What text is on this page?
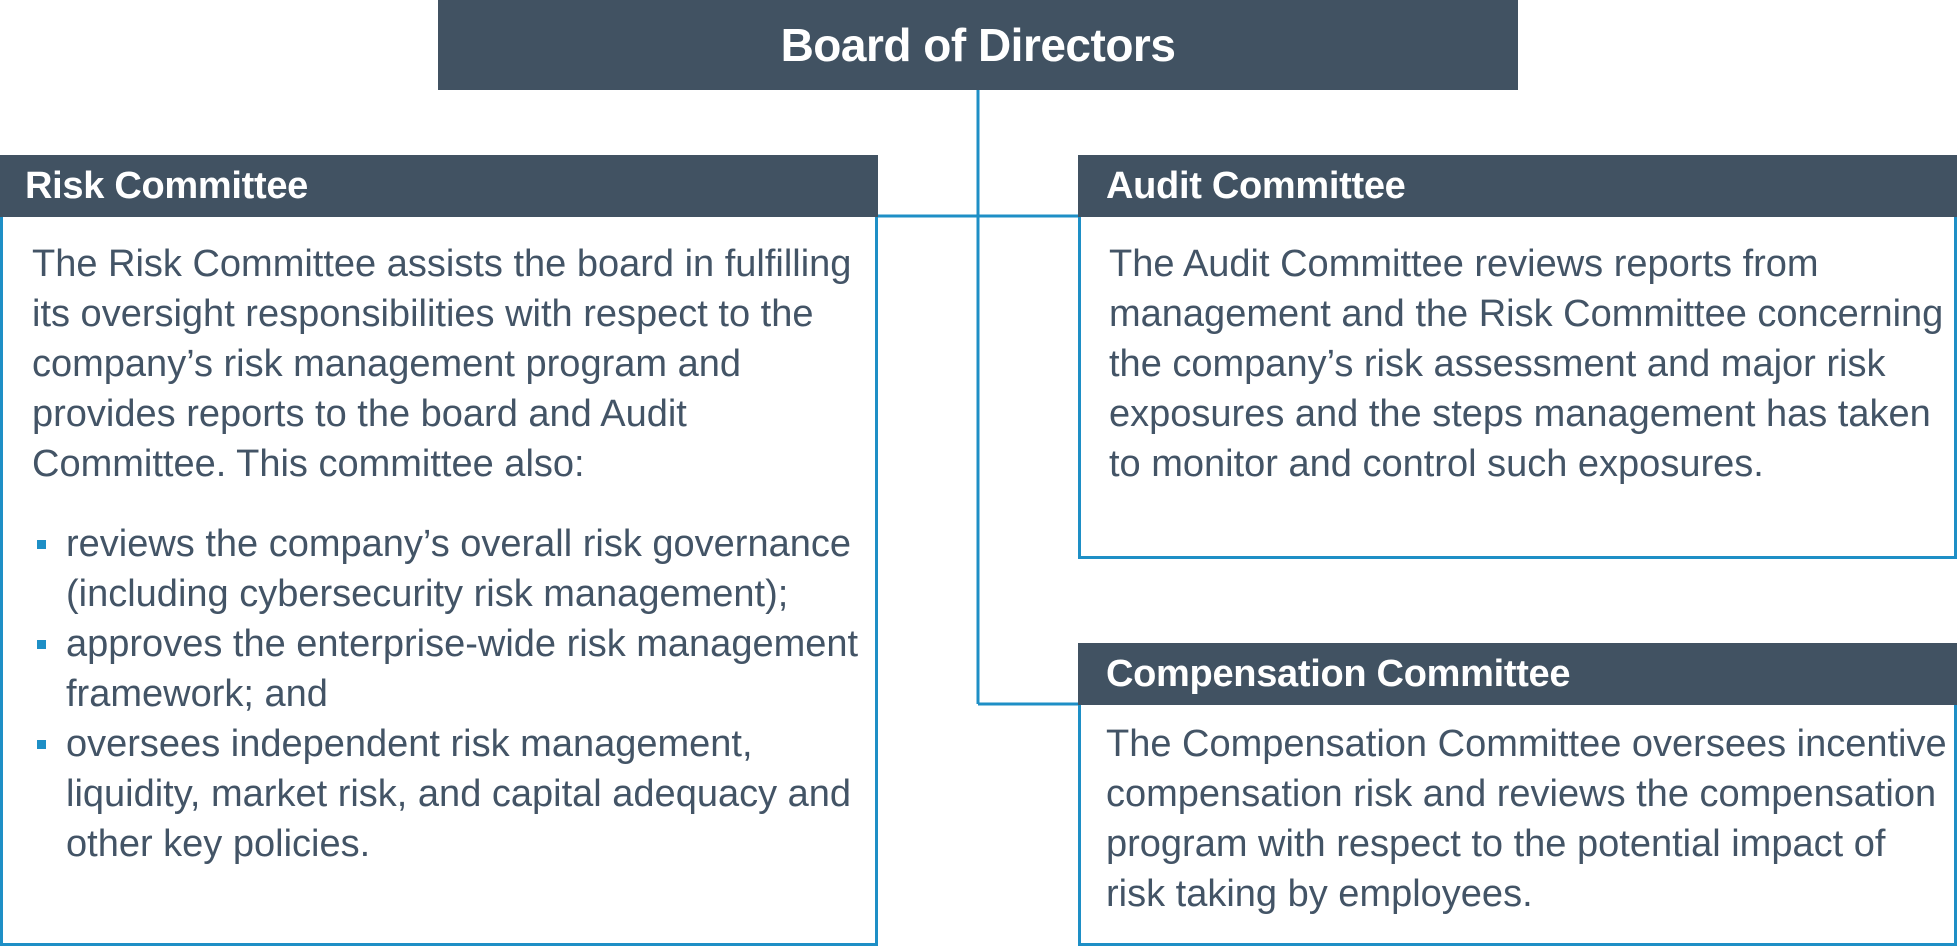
Board of Directors
Risk Committee

The Risk Committee assists the board in fulfilling its oversight responsibilities with respect to the company’s risk management program and provides reports to the board and Audit Committee. This committee also:

reviews the company’s overall risk governance (including cybersecurity risk management);
approves the enterprise-wide risk management framework; and
oversees independent risk management, liquidity, market risk, and capital adequacy and other key policies.
Audit Committee

The Audit Committee reviews reports from management and the Risk Committee concerning the company’s risk assessment and major risk exposures and the steps management has taken to monitor and control such exposures.

Compensation Committee

The Compensation Committee oversees incentive compensation risk and reviews the compensation program with respect to the potential impact of risk taking by employees.
